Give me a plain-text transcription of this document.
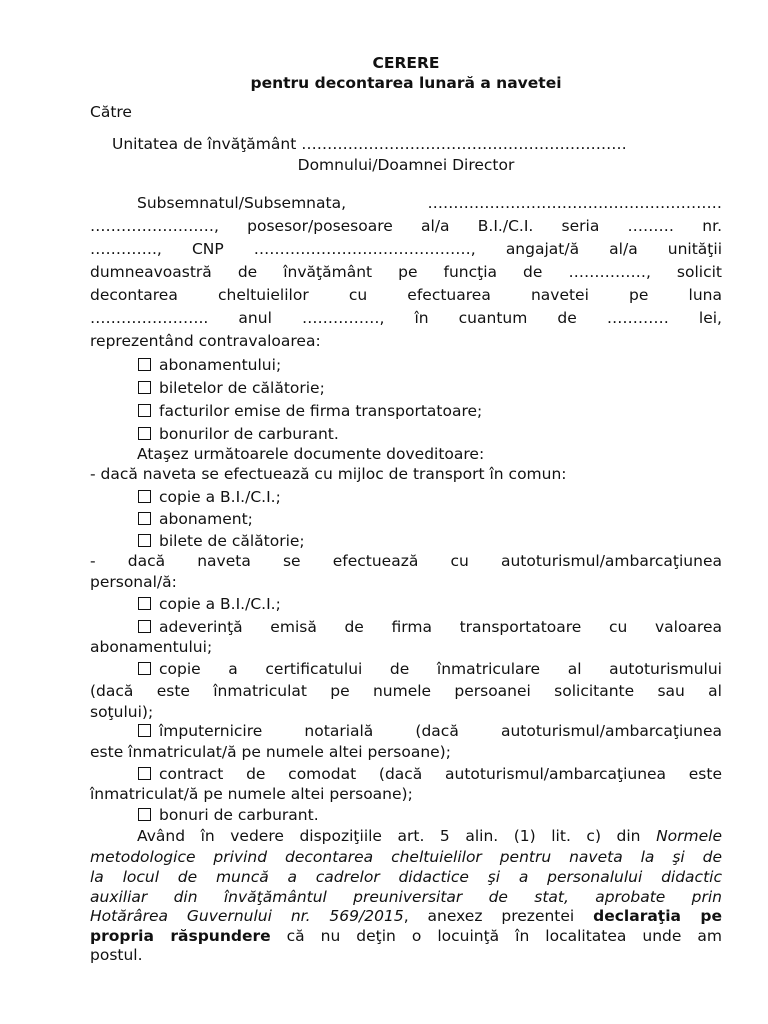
CERERE
pentru decontarea lunară a navetei
Către
Unitatea de învăţământ ………………………………………………………
Domnului/Doamnei Director
Subsemnatul/Subsemnata, …………………………………………………
……………………, posesor/posesoare al/a B.I./C.I. seria ……… nr.
…………., CNP ……………………………………, angajat/ă al/a unităţii
dumneavoastră de învăţământ pe funcţia de ……………, solicit
decontarea cheltuielilor cu efectuarea navetei pe luna
………………….. anul ……………, în cuantum de ………… lei,
reprezentând contravaloarea:
abonamentului;
biletelor de călătorie;
facturilor emise de firma transportatoare;
bonurilor de carburant.
Ataşez următoarele documente doveditoare:
- dacă naveta se efectuează cu mijloc de transport în comun:
copie a B.I./C.I.;
abonament;
bilete de călătorie;
- dacă naveta se efectuează cu autoturismul/ambarcaţiunea
personal/ă:
copie a B.I./C.I.;
adeverinţă emisă de firma transportatoare cu valoarea
abonamentului;
copie a certificatului de înmatriculare al autoturismului
(dacă este înmatriculat pe numele persoanei solicitante sau al
soţului);
împuternicire notarială (dacă autoturismul/ambarcaţiunea
este înmatriculat/ă pe numele altei persoane);
contract de comodat (dacă autoturismul/ambarcaţiunea este
înmatriculat/ă pe numele altei persoane);
bonuri de carburant.
Având în vedere dispoziţiile art. 5 alin. (1) lit. c) din Normele
metodologice privind decontarea cheltuielilor pentru naveta la şi de
la locul de muncă a cadrelor didactice şi a personalului didactic
auxiliar din învăţământul preuniversitar de stat, aprobate prin
Hotărârea Guvernului nr. 569/2015, anexez prezentei declaraţia pe
propria răspundere că nu deţin o locuinţă în localitatea unde am
postul.
